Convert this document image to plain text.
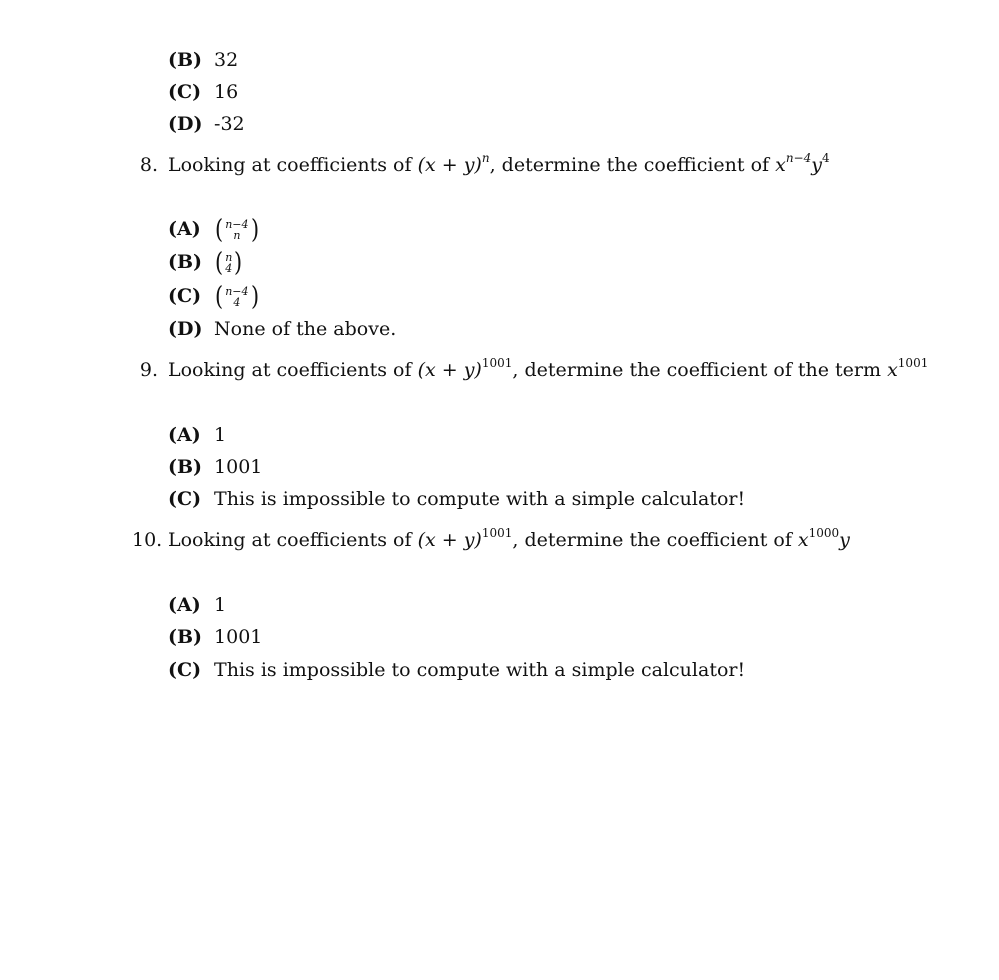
(B) 32
(C) 16
(D) -32
8. Looking at coefficients of $(x + y)^n$, determine the coefficient of $x^{n-4}y^4$
(A) ( n−4
n )
(B) ( n
4 )
(C) ( n−4
4 )
(D) None of the above.
9. Looking at coefficients of $(x + y)^{1001}$, determine the coefficient of the term $x^{1001}$
(A) 1
(B) 1001
(C) This is impossible to compute with a simple calculator!
10. Looking at coefficients of $(x + y)^{1001}$, determine the coefficient of $x^{1000}y$
(A) 1
(B) 1001
(C) This is impossible to compute with a simple calculator!
